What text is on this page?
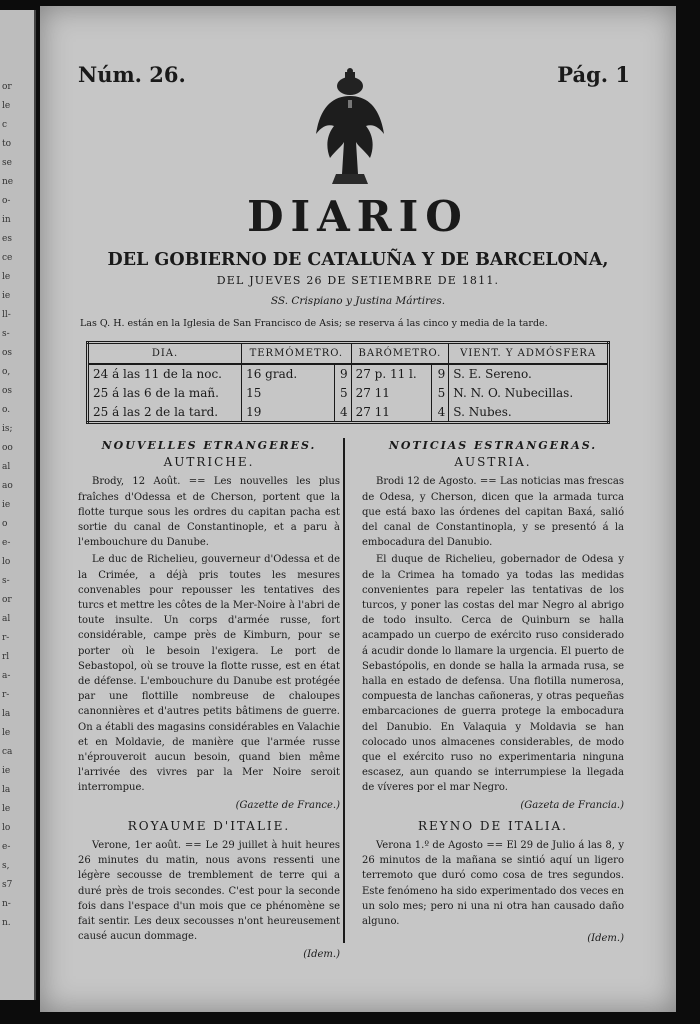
or
le
c
to
se
ne
o-
in
es
ce
le
ie
ll-
s-
os
o,
os
o.
is;
oo
al
ao
ie
o
e-
lo
s-
or
al
r-
rl
a-
r-
la
le
ca
ie
la
le
lo
e-
s,
s7
n-
n.
Núm. 26.	Pág. 1
DIARIO
DEL GOBIERNO DE CATALUÑA Y DE BARCELONA,
DEL JUEVES 26 DE SETIEMBRE DE 1811.
SS. Crispiano y Justina Mártires.
Las Q. H. están en la Iglesia de San Francisco de Asis; se reserva á las cinco y media de la tarde.
DIA.	TERMÓMETRO.		BARÓMETRO.		VIENT. Y ADMÓSFERA
24 á las 11 de la noc.	16 grad.	9	27 p. 11 l.	9	S. E. Sereno.
25 á las 6 de la mañ.	15	5	27 11	5	N. N. O. Nubecillas.
25 á las 2 de la tard.	19	4	27 11	4	S. Nubes.
NOUVELLES ETRANGERES.
AUTRICHE.

Brody, 12 Août. == Les nouvelles les plus fraîches d'Odessa et de Cherson, portent que la flotte turque sous les ordres du capitan pacha est sortie du canal de Constantinople, et a paru à l'embouchure du Danube.

Le duc de Richelieu, gouverneur d'Odessa et de la Crimée, a déjà pris toutes les mesures convenables pour repousser les tentatives des turcs et mettre les côtes de la Mer-Noire à l'abri de toute insulte. Un corps d'armée russe, fort considérable, campe près de Kimburn, pour se porter où le besoin l'exigera. Le port de Sebastopol, où se trouve la flotte russe, est en état de défense. L'embouchure du Danube est protégée par une flottille nombreuse de chaloupes canonnières et d'autres petits bâtimens de guerre. On a établi des magasins considérables en Valachie et en Moldavie, de manière que l'armée russe n'éprouveroit aucun besoin, quand bien même l'arrivée des vivres par la Mer Noire seroit interrompue.

(Gazette de France.)

ROYAUME D'ITALIE.

Verone, 1er août. == Le 29 juillet à huit heures 26 minutes du matin, nous avons ressenti une légère secousse de tremblement de terre qui a duré près de trois secondes. C'est pour la seconde fois dans l'espace d'un mois que ce phénomène se fait sentir. Les deux secousses n'ont heureusement causé aucun dommage.

(Idem.)

NOTICIAS ESTRANGERAS.
AUSTRIA.

Brodi 12 de Agosto. == Las noticias mas frescas de Odesa, y Cherson, dicen que la armada turca que está baxo las órdenes del capitan Baxá, salió del canal de Constantinopla, y se presentó á la embocadura del Danubio.

El duque de Richelieu, gobernador de Odesa y de la Crimea ha tomado ya todas las medidas convenientes para repeler las tentativas de los turcos, y poner las costas del mar Negro al abrigo de todo insulto. Cerca de Quinburn se halla acampado un cuerpo de exército ruso considerado á acudir donde lo llamare la urgencia. El puerto de Sebastópolis, en donde se halla la armada rusa, se halla en estado de defensa. Una flotilla numerosa, compuesta de lanchas cañoneras, y otras pequeñas embarcaciones de guerra protege la embocadura del Danubio. En Valaquia y Moldavia se han colocado unos almacenes considerables, de modo que el exército ruso no experimentaria ninguna escasez, aun quando se interrumpiese la llegada de víveres por el mar Negro.

(Gazeta de Francia.)

REYNO DE ITALIA.

Verona 1.º de Agosto == El 29 de Julio á las 8, y 26 minutos de la mañana se sintió aquí un ligero terremoto que duró como cosa de tres segundos. Este fenómeno ha sido experimentado dos veces en un solo mes; pero ni una ni otra han causado daño alguno.

(Idem.)
